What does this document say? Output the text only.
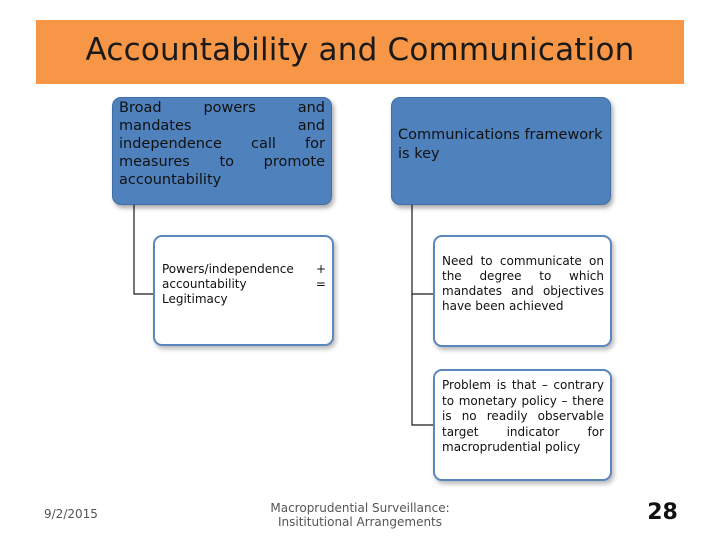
Accountability and Communication
Broad powers and mandates and independence call for measures to promote accountability
Communications framework is key
Powers/independence + accountability = Legitimacy
Need to communicate on the degree to which mandates and objectives have been achieved
Problem is that – contrary to monetary policy – there is no readily observable target indicator for macroprudential policy
9/2/2015	Macroprudential Surveillance:
Insititutional Arrangements	28
